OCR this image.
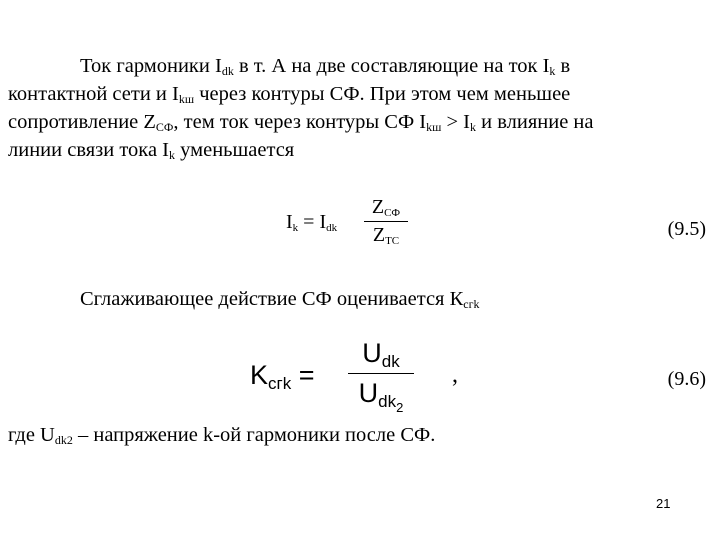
Ток гармоники $I_{dk}$ в т. А на две составляющие на ток $I_k$ в
контактной сети и $I_{kш}$ через контуры СФ. При этом чем меньшее
сопротивление $Z_{СФ}$, тем ток через контуры СФ $I_{kш} > I_k$ и влияние на
линии связи тока $I_k$ уменьшается
$I_k = I_{dk}$
$Z_{СФ}$
$Z_{TC}$
(9.5)
Сглаживающее действие СФ оценивается $К_{сгk}$
$K_{сгk}$ =
$U_{dk}$
$U_{dk_2}$
,	(9.6)
где $U_{dk2}$ – напряжение k-ой гармоники после СФ.
21
